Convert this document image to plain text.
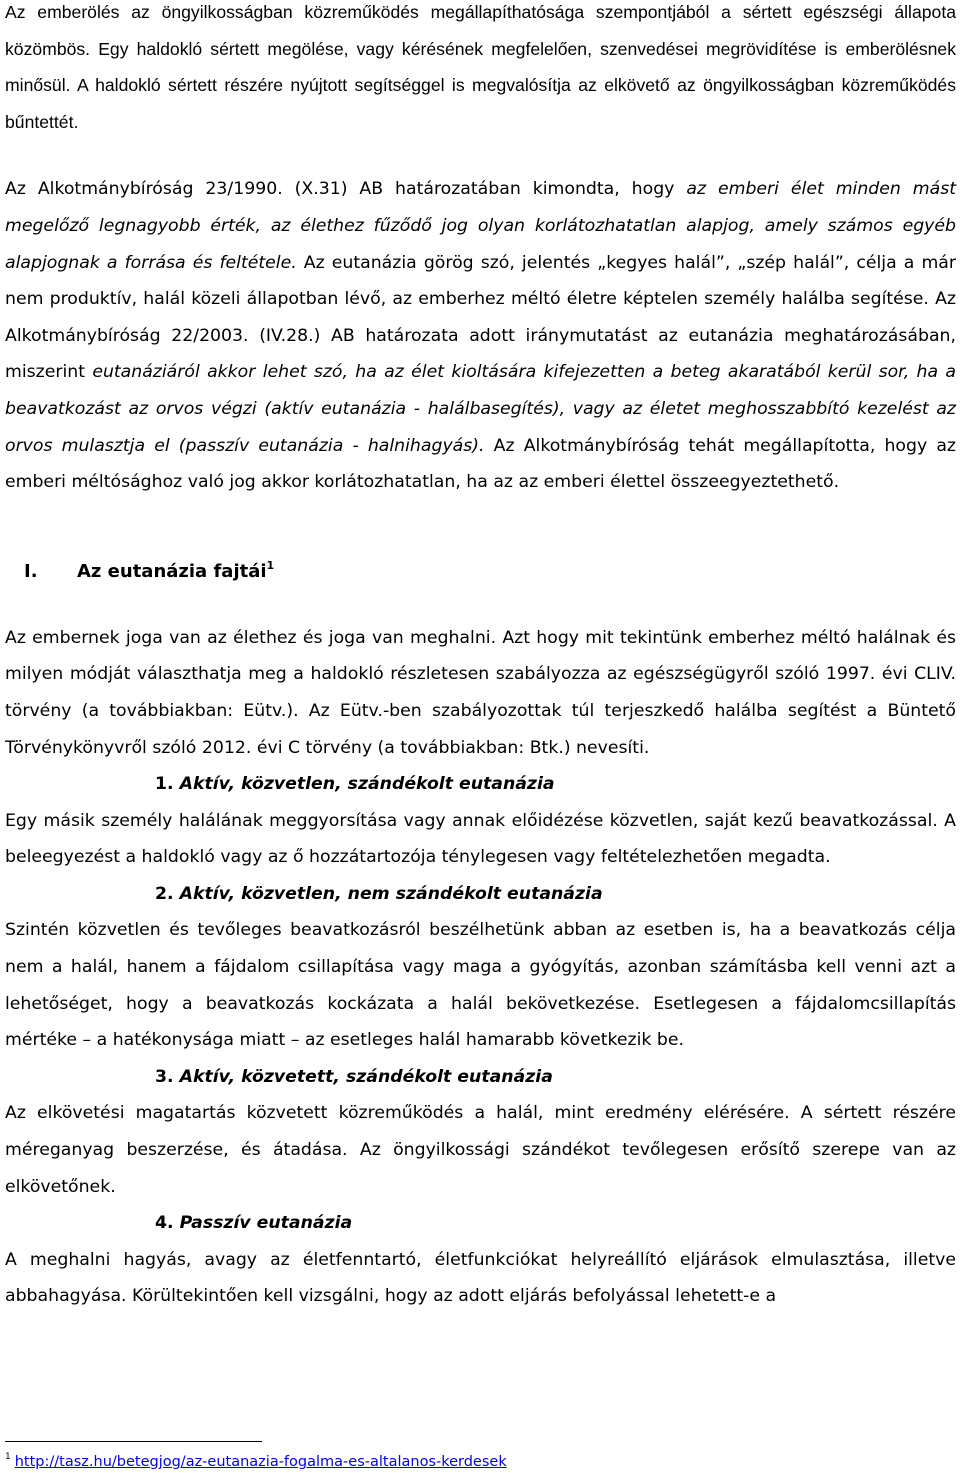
Az emberölés az öngyilkosságban közreműködés megállapíthatósága szempontjából a sértett egészségi állapota közömbös. Egy haldokló sértett megölése, vagy kérésének megfelelően, szenvedései megrövidítése is emberölésnek minősül. A haldokló sértett részére nyújtott segítséggel is megvalósítja az elkövető az öngyilkosságban közreműködés bűntettét.

Az Alkotmánybíróság 23/1990. (X.31) AB határozatában kimondta, hogy az emberi élet minden mást megelőző legnagyobb érték, az élethez fűződő jog olyan korlátozhatatlan alapjog, amely számos egyéb alapjognak a forrása és feltétele. Az eutanázia görög szó, jelentés „kegyes halál”, „szép halál”, célja a már nem produktív, halál közeli állapotban lévő, az emberhez méltó életre képtelen személy halálba segítése. Az Alkotmánybíróság 22/2003. (IV.28.) AB határozata adott iránymutatást az eutanázia meghatározásában, miszerint eutanáziáról akkor lehet szó, ha az élet kioltására kifejezetten a beteg akaratából kerül sor, ha a beavatkozást az orvos végzi (aktív eutanázia - halálbasegítés), vagy az életet meghosszabbító kezelést az orvos mulasztja el (passzív eutanázia - halnihagyás). Az Alkotmánybíróság tehát megállapította, hogy az emberi méltósághoz való jog akkor korlátozhatatlan, ha az az emberi élettel összeegyeztethető.

I. Az eutanázia fajtái$^1$

Az embernek joga van az élethez és joga van meghalni. Azt hogy mit tekintünk emberhez méltó halálnak és milyen módját választhatja meg a haldokló részletesen szabályozza az egészségügyről szóló 1997. évi CLIV. törvény (a továbbiakban: Eütv.). Az Eütv.-ben szabályozottak túl terjeszkedő halálba segítést a Büntető Törvénykönyvről szóló 2012. évi C törvény (a továbbiakban: Btk.) nevesíti.

1. Aktív, közvetlen, szándékolt eutanázia

Egy másik személy halálának meggyorsítása vagy annak előidézése közvetlen, saját kezű beavatkozással. A beleegyezést a haldokló vagy az ő hozzátartozója ténylegesen vagy feltételezhetően megadta.

2. Aktív, közvetlen, nem szándékolt eutanázia

Szintén közvetlen és tevőleges beavatkozásról beszélhetünk abban az esetben is, ha a beavatkozás célja nem a halál, hanem a fájdalom csillapítása vagy maga a gyógyítás, azonban számításba kell venni azt a lehetőséget, hogy a beavatkozás kockázata a halál bekövetkezése. Esetlegesen a fájdalomcsillapítás mértéke – a hatékonysága miatt – az esetleges halál hamarabb következik be.

3. Aktív, közvetett, szándékolt eutanázia

Az elkövetési magatartás közvetett közreműködés a halál, mint eredmény elérésére. A sértett részére méreganyag beszerzése, és átadása. Az öngyilkossági szándékot tevőlegesen erősítő szerepe van az elkövetőnek.

4. Passzív eutanázia

A meghalni hagyás, avagy az életfenntartó, életfunkciókat helyreállító eljárások elmulasztása, illetve abbahagyása. Körültekintően kell vizsgálni, hogy az adott eljárás befolyással lehetett-e a

$^1$ http://tasz.hu/betegjog/az-eutanazia-fogalma-es-altalanos-kerdesek
